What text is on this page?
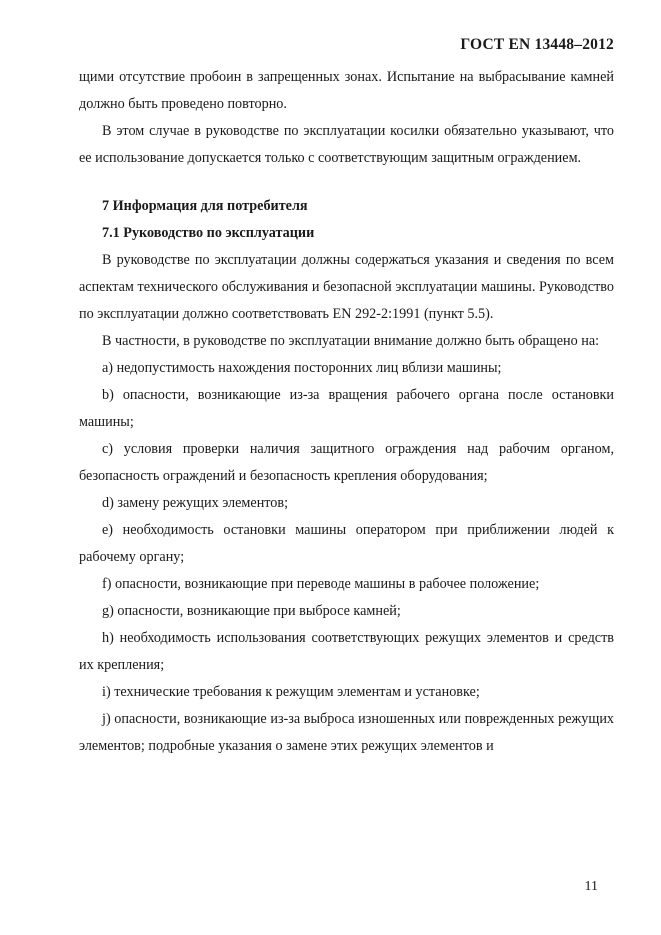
ГОСТ EN 13448–2012

щими отсутствие пробоин в запрещенных зонах. Испытание на выбрасывание камней должно быть проведено повторно.

В этом случае в руководстве по эксплуатации косилки обязательно указывают, что ее использование допускается только с соответствующим защитным ограждением.

7 Информация для потребителя

7.1 Руководство по эксплуатации

В руководстве по эксплуатации должны содержаться указания и сведения по всем аспектам технического обслуживания и безопасной эксплуатации машины. Руководство по эксплуатации должно соответствовать EN 292-2:1991 (пункт 5.5).

В частности, в руководстве по эксплуатации внимание должно быть обращено на:

а) недопустимость нахождения посторонних лиц вблизи машины;

b) опасности, возникающие из-за вращения рабочего органа после остановки машины;

с) условия проверки наличия защитного ограждения над рабочим органом, безопасность ограждений и безопасность крепления оборудования;

d) замену режущих элементов;

е) необходимость остановки машины оператором при приближении людей к рабочему органу;

f) опасности, возникающие при переводе машины в рабочее положение;

g) опасности, возникающие при выбросе камней;

h) необходимость использования соответствующих режущих элементов и средств их крепления;

i) технические требования к режущим элементам и установке;

j) опасности, возникающие из-за выброса изношенных или поврежденных режущих элементов; подробные указания о замене этих режущих элементов и

11
